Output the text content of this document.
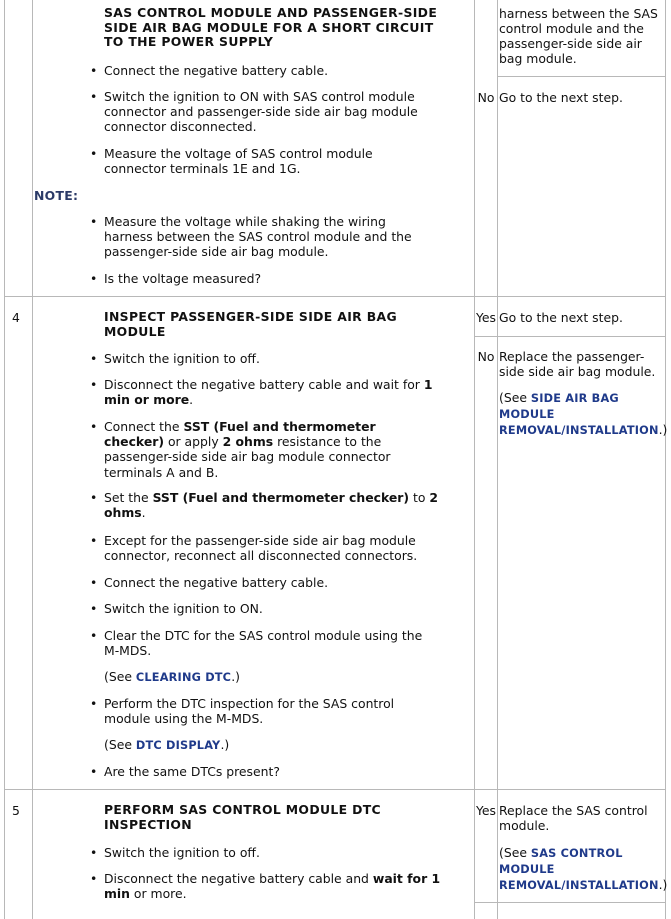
SAS CONTROL MODULE AND PASSENGER-SIDE SIDE AIR BAG MODULE FOR A SHORT CIRCUIT TO THE POWER SUPPLY
• Connect the negative battery cable.
• Switch the ignition to ON with SAS control module connector and passenger-side side air bag module connector disconnected.
• Measure the voltage of SAS control module connector terminals 1E and 1G.
NOTE:
• Measure the voltage while shaking the wiring harness between the SAS control module and the passenger-side side air bag module.
• Is the voltage measured?
harness between the SAS control module and the passenger-side side air bag module.
No Go to the next step.
4	INSPECT PASSENGER-SIDE SIDE AIR BAG MODULE
• Switch the ignition to off.
• Disconnect the negative battery cable and wait for 1 min or more.
• Connect the SST (Fuel and thermometer checker) or apply 2 ohms resistance to the passenger-side side air bag module connector terminals A and B.
• Set the SST (Fuel and thermometer checker) to 2 ohms.
• Except for the passenger-side side air bag module connector, reconnect all disconnected connectors.
• Connect the negative battery cable.
• Switch the ignition to ON.
• Clear the DTC for the SAS control module using the M-MDS.
(See CLEARING DTC.)
• Perform the DTC inspection for the SAS control module using the M-MDS.
(See DTC DISPLAY.)
• Are the same DTCs present?
Yes Go to the next step.
No Replace the passenger-side side air bag module.
(See SIDE AIR BAG MODULE REMOVAL/INSTALLATION.)
5	PERFORM SAS CONTROL MODULE DTC INSPECTION
• Switch the ignition to off.
• Disconnect the negative battery cable and wait for 1 min or more.
Yes Replace the SAS control module.
(See SAS CONTROL MODULE REMOVAL/INSTALLATION.)
